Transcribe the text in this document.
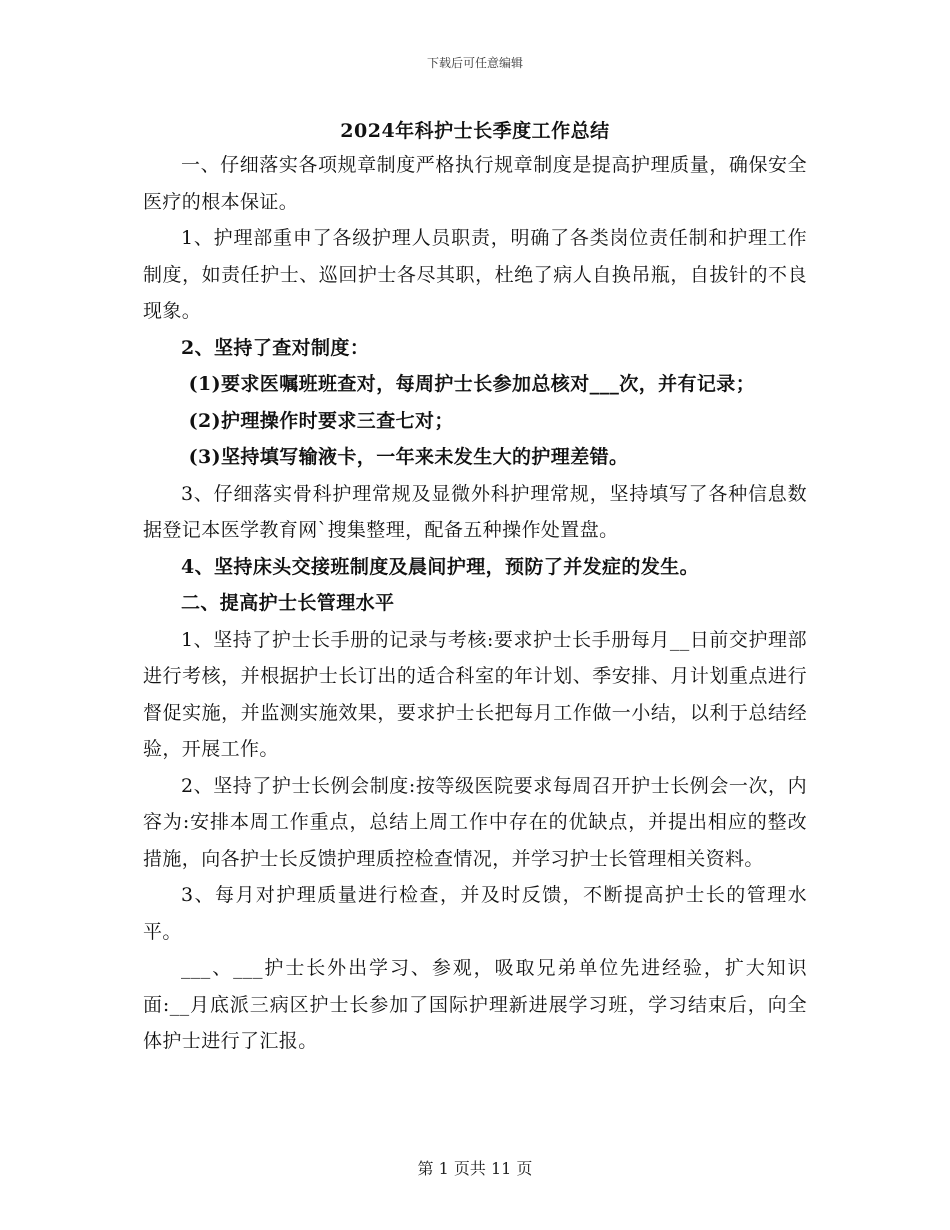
下载后可任意编辑
2024年科护士长季度工作总结

一、仔细落实各项规章制度严格执行规章制度是提高护理质量，确保安全医疗的根本保证。

1、护理部重申了各级护理人员职责，明确了各类岗位责任制和护理工作制度，如责任护士、巡回护士各尽其职，杜绝了病人自换吊瓶，自拔针的不良现象。

2、坚持了查对制度：

(1)要求医嘱班班查对，每周护士长参加总核对___次，并有记录；

(2)护理操作时要求三查七对；

(3)坚持填写输液卡，一年来未发生大的护理差错。

3、仔细落实骨科护理常规及显微外科护理常规，坚持填写了各种信息数据登记本医学教育网`搜集整理，配备五种操作处置盘。

4、坚持床头交接班制度及晨间护理，预防了并发症的发生。

二、提高护士长管理水平

1、坚持了护士长手册的记录与考核:要求护士长手册每月__日前交护理部进行考核，并根据护士长订出的适合科室的年计划、季安排、月计划重点进行督促实施，并监测实施效果，要求护士长把每月工作做一小结，以利于总结经验，开展工作。

2、坚持了护士长例会制度:按等级医院要求每周召开护士长例会一次，内容为:安排本周工作重点，总结上周工作中存在的优缺点，并提出相应的整改措施，向各护士长反馈护理质控检查情况，并学习护士长管理相关资料。

3、每月对护理质量进行检查，并及时反馈，不断提高护士长的管理水平。

___、___护士长外出学习、参观，吸取兄弟单位先进经验，扩大知识面:__月底派三病区护士长参加了国际护理新进展学习班，学习结束后，向全体护士进行了汇报。

第 1 页共 11 页
